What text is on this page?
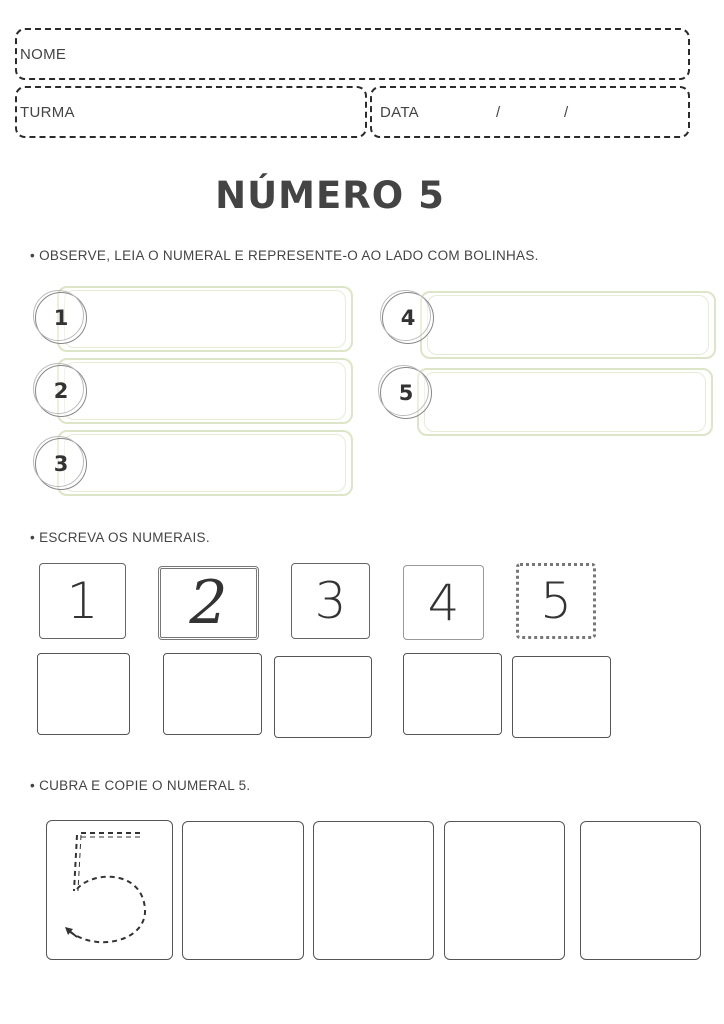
NOME
TURMA	DATA	/	/
NÚMERO 5
• OBSERVE, LEIA O NUMERAL E REPRESENTE-O AO LADO COM BOLINHAS.
1
2
3
4
5
• ESCREVA OS NUMERAIS.
1	2	3	4	5
• CUBRA E COPIE O NUMERAL 5.
